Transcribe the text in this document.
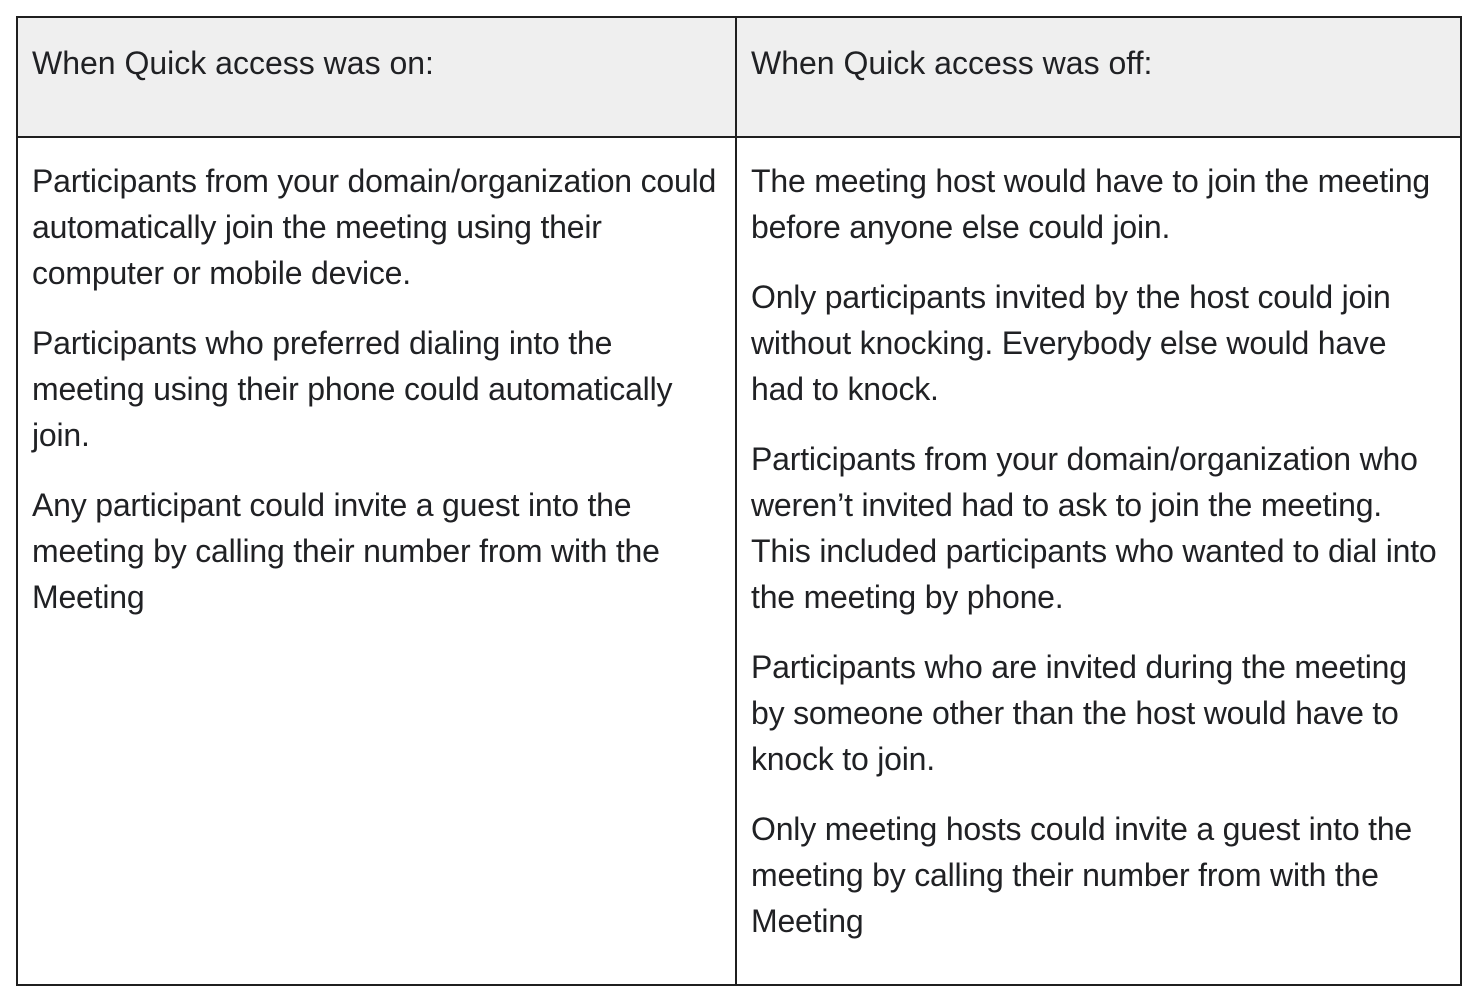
When Quick access was on:	When Quick access was off:

Participants from your domain/organization could automatically join the meeting using their computer or mobile device.

Participants who preferred dialing into the meeting using their phone could automatically join.

Any participant could invite a guest into the meeting by calling their number from with the Meeting

The meeting host would have to join the meeting before anyone else could join.

Only participants invited by the host could join without knocking. Everybody else would have had to knock.

Participants from your domain/organization who weren’t invited had to ask to join the meeting. This included participants who wanted to dial into the meeting by phone.

Participants who are invited during the meeting by someone other than the host would have to knock to join.

Only meeting hosts could invite a guest into the meeting by calling their number from with the Meeting
